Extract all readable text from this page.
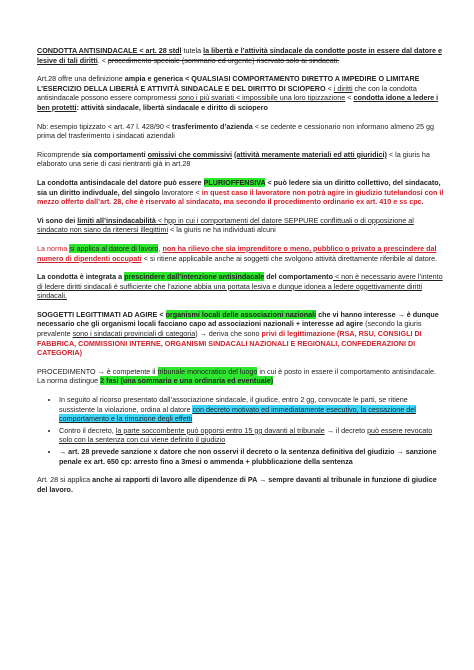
CONDOTTA ANTISINDACALE < art. 28 stdl tutela la libertà e l’attività sindacale da condotte poste in essere dal datore e lesive di tali diritti. < procedimento speciale (sommario ed urgente) riservato solo ai sindacati.

Art.28 offre una definizione ampia e generica < QUALSIASI COMPORTAMENTO DIRETTO A IMPEDIRE O LIMITARE L’ESERCIZIO DELLA LIBERtÀ E ATTIVITÀ SINDACALE E DEL DIRITTO DI SCIOPERO < i diritti che con la condotta antisindacale possono essere compromessi sono i più svariati < impossibile una loro tipizzazione < condotta idone a ledere i ben protetti: attività sindacale, libertà sindacale e diritto di sciopero

Nb: esempio tipizzato < art. 47 l. 428/90 < trasferimento d’azienda < se cedente e cessionario non informano almeno 25 gg prima del trasferimento i sindacati aziendali

Ricomprende sia comportamenti omissivi che commissivi (attività meramente materiali ed atti giuridici) < la giuris ha elaborato una serie di casi rientranti già in art.28

La condotta antisindacale del datore può essere PLURIOFFENSIVA < può ledere sia un diritto collettivo, del sindacato, sia un diritto indivduale, del singolo lavoratore < in quest caso il lavoratore non potrà agire in giudizio tutelandosi con il mezzo offerto dall’art. 28, che è riservato al sindacato, ma secondo il procedimento ordinario ex art. 410 e ss cpc.

Vi sono dei limiti all’insindacabilità < hpp in cui i comportamenti del datore SEPPURE conflittuali o di opposizione al sindacato non siano da ritenersi illegittimi < la giuris ne ha individuati alcuni

La norma si applica al datore di lavoro, non ha rilievo che sia imprenditore o meno, pubblico o privato a prescindere dal numero di dipendenti occupati < si ritiene applicabile anche ai soggetti che svolgono attività direttamente riferibile al datore.

La condotta è integrata a prescindere dall’intenzione antisindacale del comportamento < non è necessario avere l’intento di ledere diritti sindacali è sufficiente che l’azione abbia una portata lesiva e dunque idonea a ledere oggettivamente diritti sindacali.

SOGGETTI LEGITTIMATI AD AGIRE < organismi locali delle associazioni nazionali che vi hanno interesse → è dunque necessario che gli organismi locali facciano capo ad associazioni nazionali + interesse ad agire (secondo la giuris prevalente sono i sindacati provinciali di categoria) → deriva che sono privi di legittimazione (RSA, RSU, CONSIGLI DI FABBRICA, COMMISSIONI INTERNE, ORGANISMI SINDACALI NAZIONALI E REGIONALI, CONFEDERAZIONI DI CATEGORIA)

PROCEDIMENTO → è competente il tribunale monocratico del luogo in cui è posto in essere il comportamento antisindacale. La norma distingue 2 fasi (una sommaria e una ordinaria ed eventuale)

• In seguito al ricorso presentato dall’associazione sindacale, il giudice, entro 2 gg, convocate le parti, se ritiene sussistente la violazione, ordina al datore con decreto motivato ed immediatamente esecutivo, la cessazione del comportamento e la rimozione degli effetti
• Contro il decreto, la parte soccombente può opporsi entro 15 gg davanti al tribunale → il decreto può essere revocato solo con la sentenza con cui viene definito il giudizio
• → art. 28 prevede sanzione x datore che non osservi il decreto o la sentenza definitiva del giudizio → sanzione penale ex art. 650 cp: arresto fino a 3mesi o ammenda + plubblicazione della sentenza

Art. 28 si applica anche ai rapporti di lavoro alle dipendenze di PA → sempre davanti al tribunale in funzione di giudice del lavoro.
